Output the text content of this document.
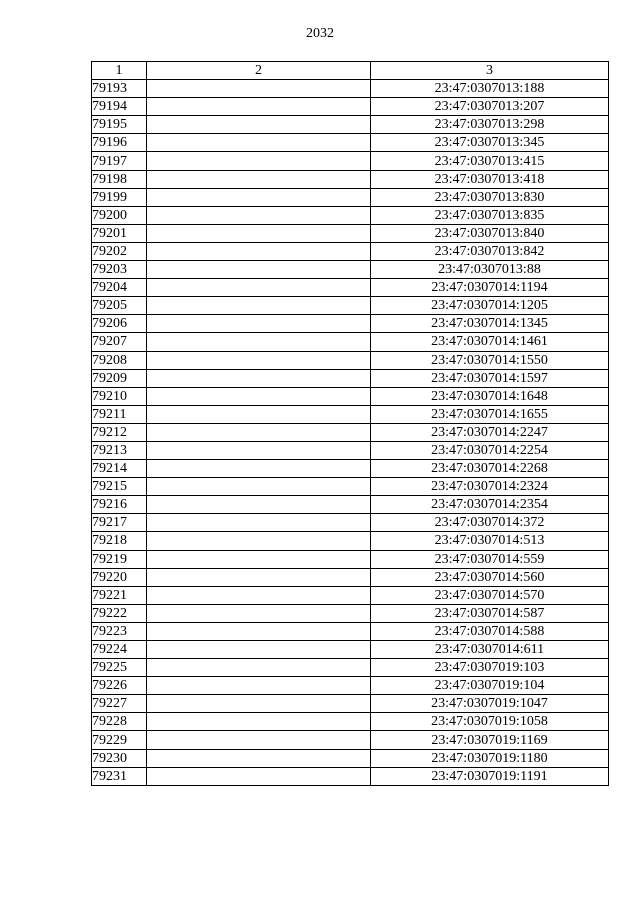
2032
1	2	3
79193		23:47:0307013:188
79194		23:47:0307013:207
79195		23:47:0307013:298
79196		23:47:0307013:345
79197		23:47:0307013:415
79198		23:47:0307013:418
79199		23:47:0307013:830
79200		23:47:0307013:835
79201		23:47:0307013:840
79202		23:47:0307013:842
79203		23:47:0307013:88
79204		23:47:0307014:1194
79205		23:47:0307014:1205
79206		23:47:0307014:1345
79207		23:47:0307014:1461
79208		23:47:0307014:1550
79209		23:47:0307014:1597
79210		23:47:0307014:1648
79211		23:47:0307014:1655
79212		23:47:0307014:2247
79213		23:47:0307014:2254
79214		23:47:0307014:2268
79215		23:47:0307014:2324
79216		23:47:0307014:2354
79217		23:47:0307014:372
79218		23:47:0307014:513
79219		23:47:0307014:559
79220		23:47:0307014:560
79221		23:47:0307014:570
79222		23:47:0307014:587
79223		23:47:0307014:588
79224		23:47:0307014:611
79225		23:47:0307019:103
79226		23:47:0307019:104
79227		23:47:0307019:1047
79228		23:47:0307019:1058
79229		23:47:0307019:1169
79230		23:47:0307019:1180
79231		23:47:0307019:1191
